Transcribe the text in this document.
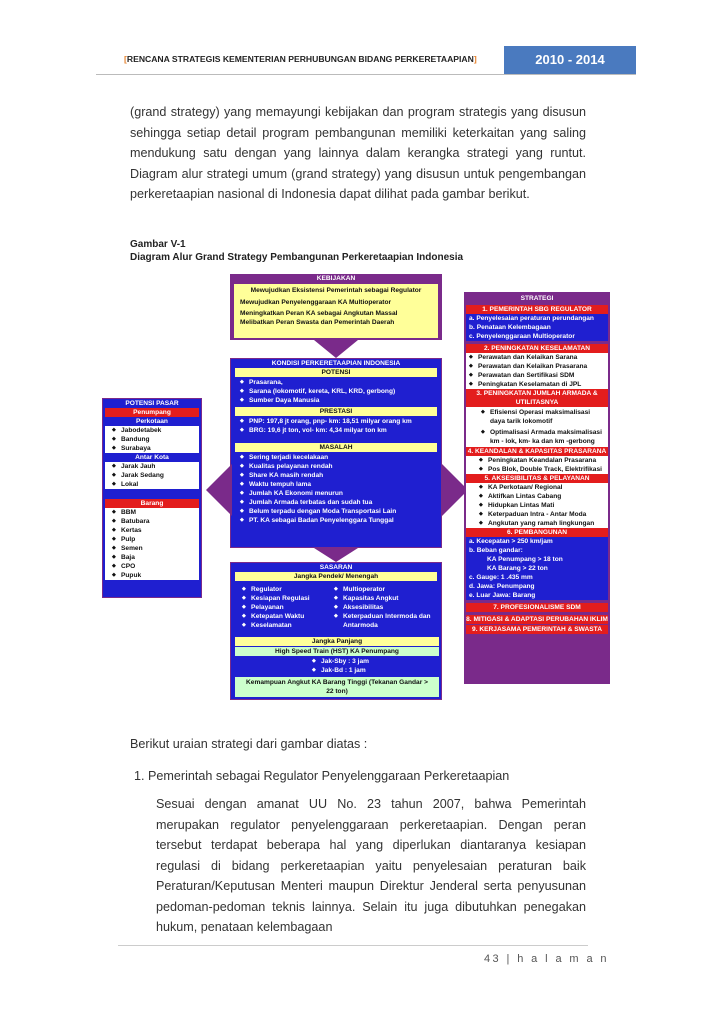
[RENCANA STRATEGIS KEMENTERIAN PERHUBUNGAN BIDANG PERKERETAAPIAN]	2010 - 2014
(grand strategy) yang memayungi kebijakan dan program strategis yang disusun sehingga setiap detail program pembangunan memiliki keterkaitan yang saling mendukung satu dengan yang lainnya dalam kerangka strategi yang runtut. Diagram alur strategi umum (grand strategy) yang disusun untuk pengembangan perkeretaapian nasional di Indonesia dapat dilihat pada gambar berikut.
Gambar V-1
Diagram Alur Grand Strategy Pembangunan Perkeretaapian Indonesia
KEBIJAKAN
Mewujudkan Eksistensi Pemerintah sebagai Regulator
Mewujudkan Penyelenggaraan KA Multioperator
Meningkatkan Peran KA sebagai Angkutan Massal
Melibatkan Peran Swasta dan Pemerintah Daerah
KONDISI PERKERETAAPIAN INDONESIA
POTENSI
◆ Prasarana,
◆ Sarana (lokomotif, kereta, KRL, KRD, gerbong)
◆ Sumber Daya Manusia
PRESTASI
◆ PNP: 197,8 jt orang, pnp- km: 18,51 milyar orang km
◆ BRG: 19,6 jt ton, vol- km: 4,34 milyar ton km
MASALAH
◆ Sering terjadi kecelakaan
◆ Kualitas pelayanan rendah
◆ Share KA masih rendah
◆ Waktu tempuh lama
◆ Jumlah KA Ekonomi menurun
◆ Jumlah Armada terbatas dan sudah tua
◆ Belum terpadu dengan Moda Transportasi Lain
◆ PT. KA sebagai Badan Penyelenggara Tunggal
SASARAN
Jangka Pendek/ Menengah
◆ Regulator
◆ Kesiapan Regulasi
◆ Pelayanan
◆ Ketepatan Waktu
◆ Keselamatan
◆ Multioperator
◆ Kapasitas Angkut
◆ Aksesibilitas
◆ Keterpaduan Intermoda dan Antarmoda
Jangka Panjang
High Speed Train (HST) KA Penumpang
◆ Jak-Sby : 3 jam
◆ Jak-Bd : 1 jam
Kemampuan Angkut KA Barang Tinggi (Tekanan Gandar > 22 ton)
POTENSI PASAR
Penumpang
Perkotaan
◆ Jabodetabek
◆ Bandung
◆ Surabaya
Antar Kota
◆ Jarak Jauh
◆ Jarak Sedang
◆ Lokal
Barang
◆ BBM
◆ Batubara
◆ Kertas
◆ Pulp
◆ Semen
◆ Baja
◆ CPO
◆ Pupuk
STRATEGI
1. PEMERINTAH SBG REGULATOR
a. Penyelesaian peraturan perundangan
b. Penataan Kelembagaan
c. Penyelenggaraan Multioperator
2. PENINGKATAN KESELAMATAN
◆ Perawatan dan Kelaikan Sarana
◆ Perawatan dan Kelaikan Prasarana
◆ Perawatan dan Sertifikasi SDM
◆ Peningkatan Keselamatan di JPL
3. PENINGKATAN JUMLAH ARMADA & UTILITASNYA
◆ Efisiensi Operasi maksimalisasi daya tarik lokomotif
◆ Optimalisasi Armada maksimalisasi km - lok, km- ka dan km -gerbong
4. KEANDALAN & KAPASITAS PRASARANA
◆ Peningkatan Keandalan Prasarana
◆ Pos Blok, Double Track, Elektrifikasi
5. AKSESIBILITAS & PELAYANAN
◆ KA Perkotaan/ Regional
◆ Aktifkan Lintas Cabang
◆ Hidupkan Lintas Mati
◆ Keterpaduan Intra - Antar Moda
◆ Angkutan yang ramah lingkungan
6. PEMBANGUNAN
a. Kecepatan > 250 km/jam
b. Beban gandar:
KA Penumpang > 18 ton
KA Barang > 22 ton
c. Gauge: 1 .435 mm
d. Jawa: Penumpang
e. Luar Jawa: Barang
7. PROFESIONALISME SDM
8. MITIGASI & ADAPTASI PERUBAHAN IKLIM
9. KERJASAMA PEMERINTAH & SWASTA
Berikut uraian strategi dari gambar diatas :
1. Pemerintah sebagai Regulator Penyelenggaraan Perkeretaapian
Sesuai dengan amanat UU No. 23 tahun 2007, bahwa Pemerintah merupakan regulator penyelenggaraan perkeretaapian. Dengan peran tersebut terdapat beberapa hal yang diperlukan diantaranya kesiapan regulasi di bidang perkeretaapian yaitu penyelesaian peraturan baik Peraturan/Keputusan Menteri maupun Direktur Jenderal serta penyusunan pedoman-pedoman teknis lainnya. Selain itu juga dibutuhkan penegakan hukum, penataan kelembagaan
43 | h a l a m a n
